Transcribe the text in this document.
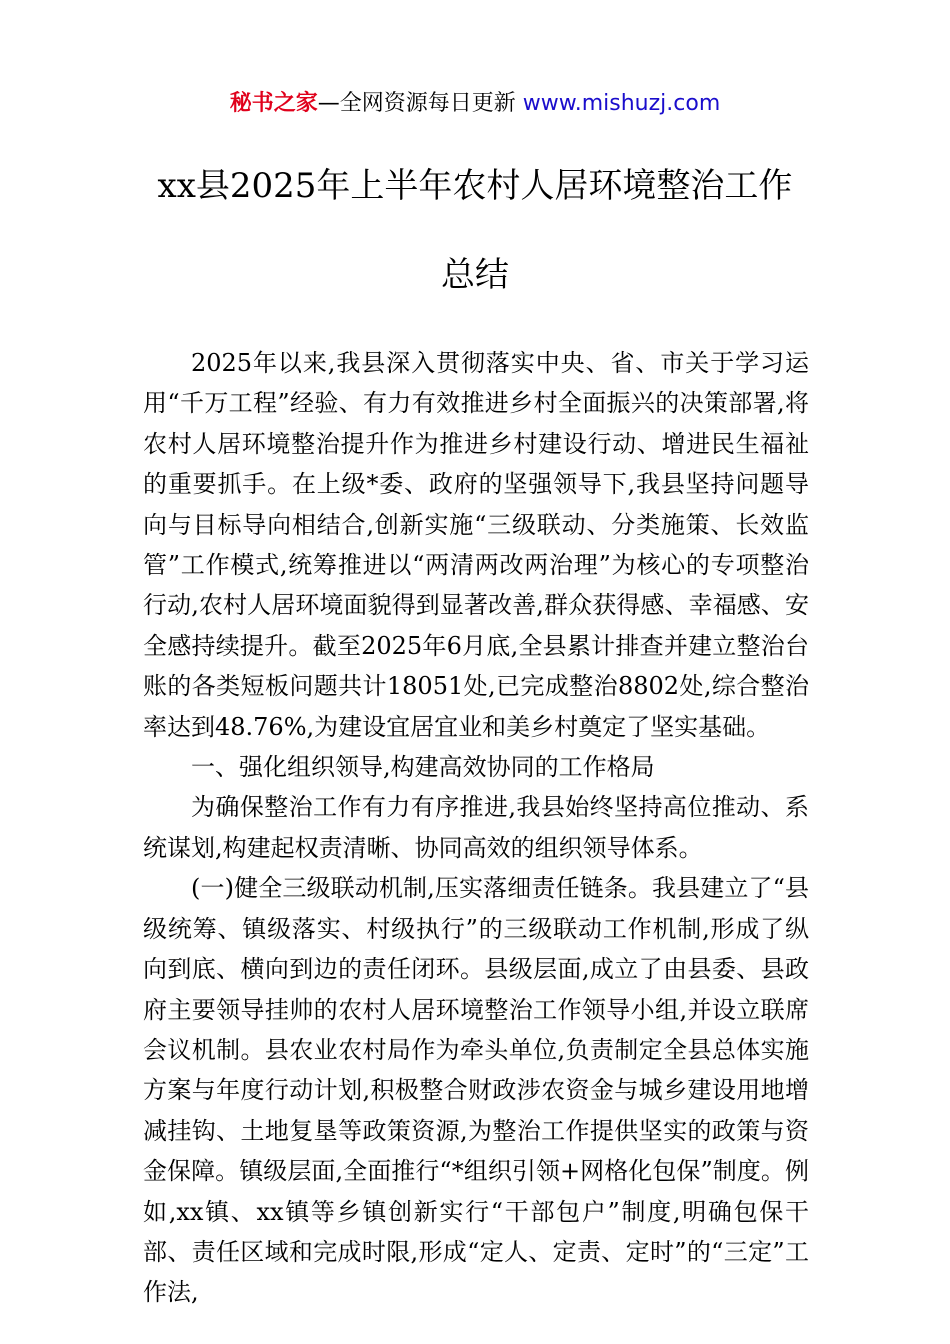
秘书之家—全网资源每日更新 www.mishuzj.com
xx县2025年上半年农村人居环境整治工作
总结

2025年以来,我县深入贯彻落实中央、省、市关于学习运用“千万工程”经验、有力有效推进乡村全面振兴的决策部署,将农村人居环境整治提升作为推进乡村建设行动、增进民生福祉的重要抓手。在上级*委、政府的坚强领导下,我县坚持问题导向与目标导向相结合,创新实施“三级联动、分类施策、长效监管”工作模式,统筹推进以“两清两改两治理”为核心的专项整治行动,农村人居环境面貌得到显著改善,群众获得感、幸福感、安全感持续提升。截至2025年6月底,全县累计排查并建立整治台账的各类短板问题共计18051处,已完成整治8802处,综合整治率达到48.76%,为建设宜居宜业和美乡村奠定了坚实基础。

一、强化组织领导,构建高效协同的工作格局

为确保整治工作有力有序推进,我县始终坚持高位推动、系统谋划,构建起权责清晰、协同高效的组织领导体系。

(一)健全三级联动机制,压实落细责任链条。我县建立了“县级统筹、镇级落实、村级执行”的三级联动工作机制,形成了纵向到底、横向到边的责任闭环。县级层面,成立了由县委、县政府主要领导挂帅的农村人居环境整治工作领导小组,并设立联席会议机制。县农业农村局作为牵头单位,负责制定全县总体实施方案与年度行动计划,积极整合财政涉农资金与城乡建设用地增减挂钩、土地复垦等政策资源,为整治工作提供坚实的政策与资金保障。镇级层面,全面推行“*组织引领+网格化包保”制度。例如,xx镇、xx镇等乡镇创新实行“干部包户”制度,明确包保干部、责任区域和完成时限,形成“定人、定责、定时”的“三定”工作法,
